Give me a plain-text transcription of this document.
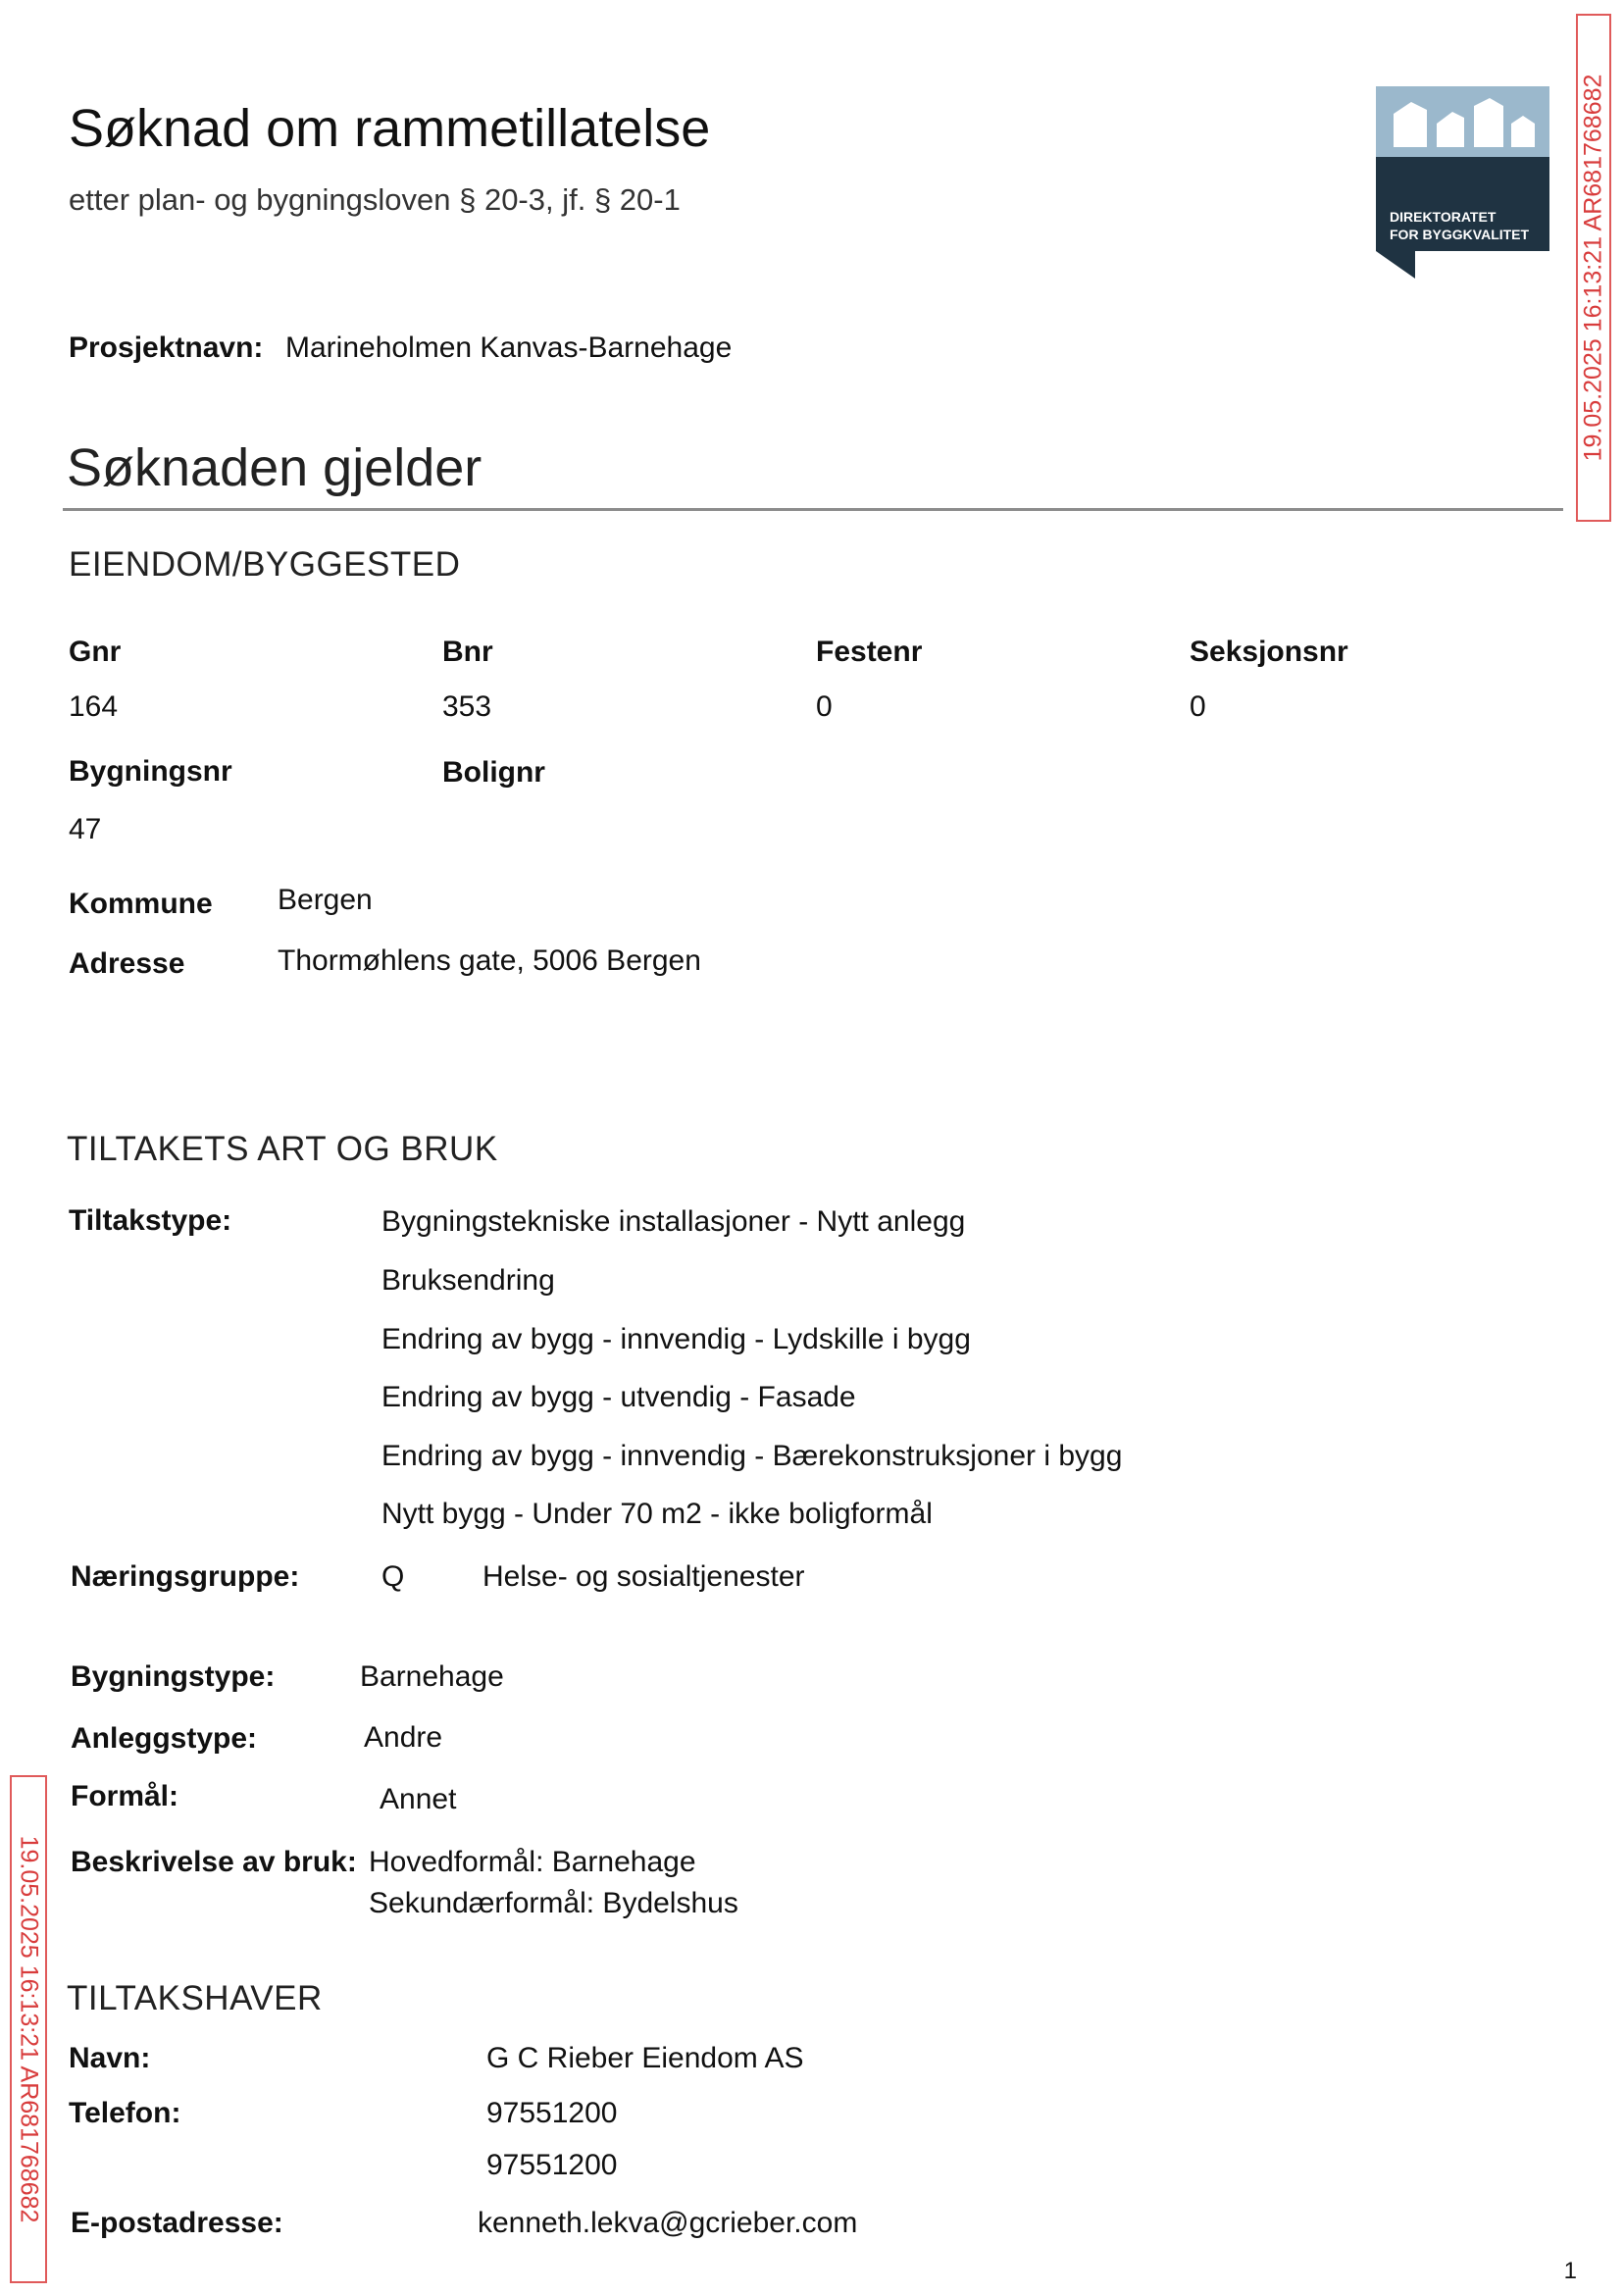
Søknad om rammetillatelse
etter plan- og bygningsloven § 20-3, jf. § 20-1	DIREKTORATET
FOR BYGGKVALITET 19.05.2025 16:13:21 AR681768682
19.05.2025 16:13:21 AR681768682
Prosjektnavn: Marineholmen Kanvas-Barnehage
Søknaden gjelder
EIENDOM/BYGGESTED
Gnr	Bnr	Festenr	Seksjonsnr
164	353	0	0
Bygningsnr	Bolignr
47
Kommune Bergen
Adresse	Thormøhlens gate, 5006 Bergen
TILTAKETS ART OG BRUK
Tiltakstype:	Bygningstekniske installasjoner - Nytt anlegg
Bruksendring
Endring av bygg - innvendig - Lydskille i bygg
Endring av bygg - utvendig - Fasade
Endring av bygg - innvendig - Bærekonstruksjoner i bygg
Nytt bygg - Under 70 m2 - ikke boligformål
Næringsgruppe:	Q	Helse- og sosialtjenester
Bygningstype:	Barnehage
Anleggstype:	Andre
Formål:	Annet
Beskrivelse av bruk: Hovedformål: Barnehage
Sekundærformål: Bydelshus
TILTAKSHAVER
Navn:	G C Rieber Eiendom AS
Telefon:	97551200
97551200
E-postadresse:	kenneth.lekva@gcrieber.com
1
